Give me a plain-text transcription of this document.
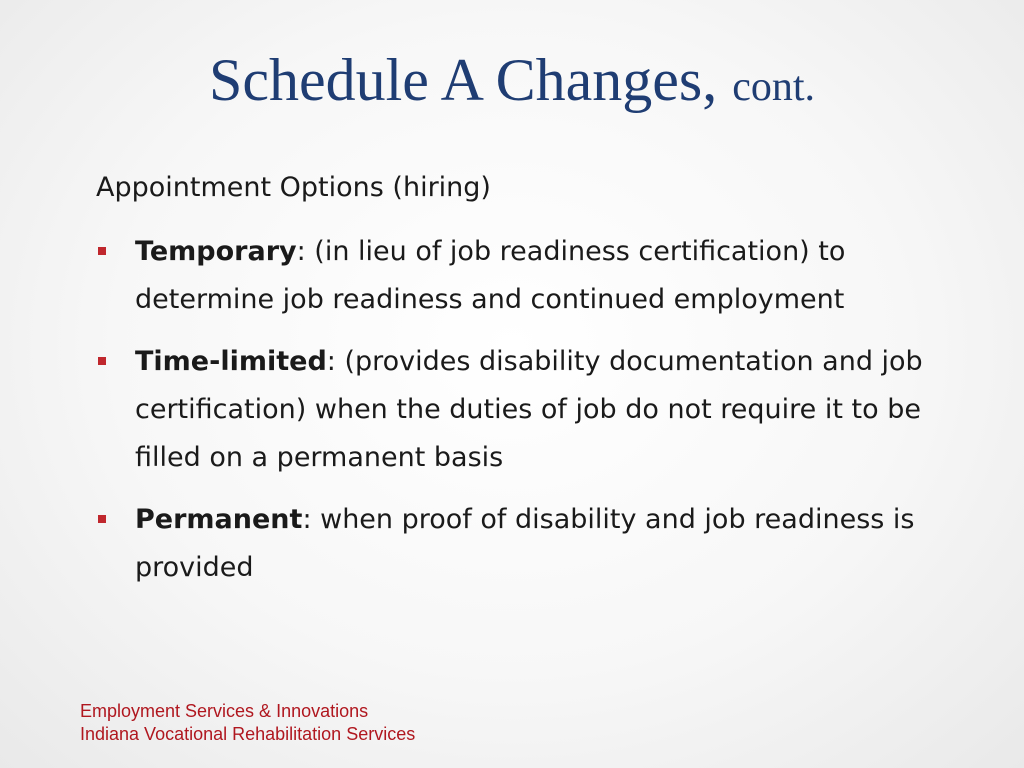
Schedule A Changes, cont.
Appointment Options (hiring)
Temporary: (in lieu of job readiness certification) to determine job readiness and continued employment
Time-limited: (provides disability documentation and job certification) when the duties of job do not require it to be filled on a permanent basis
Permanent: when proof of disability and job readiness is provided
Employment Services & Innovations
Indiana Vocational Rehabilitation Services
